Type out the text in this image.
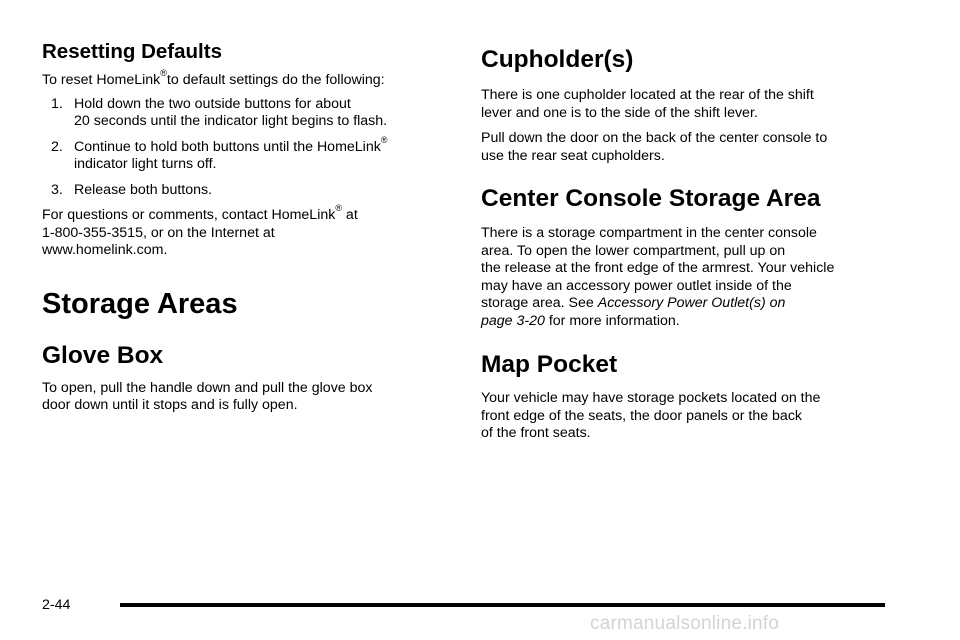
Resetting Defaults

To reset HomeLink®to default settings do the following:

1. Hold down the two outside buttons for about
20 seconds until the indicator light begins to flash.
2. Continue to hold both buttons until the HomeLink®
indicator light turns off.
3. Release both buttons.

For questions or comments, contact HomeLink® at
1-800-355-3515, or on the Internet at
www.homelink.com.

Storage Areas
Glove Box

To open, pull the handle down and pull the glove box
door down until it stops and is fully open.

Cupholder(s)

There is one cupholder located at the rear of the shift
lever and one is to the side of the shift lever.

Pull down the door on the back of the center console to
use the rear seat cupholders.

Center Console Storage Area

There is a storage compartment in the center console
area. To open the lower compartment, pull up on
the release at the front edge of the armrest. Your vehicle
may have an accessory power outlet inside of the
storage area. See Accessory Power Outlet(s) on
page 3-20 for more information.

Map Pocket

Your vehicle may have storage pockets located on the
front edge of the seats, the door panels or the back
of the front seats.

2-44
carmanualsonline.info
